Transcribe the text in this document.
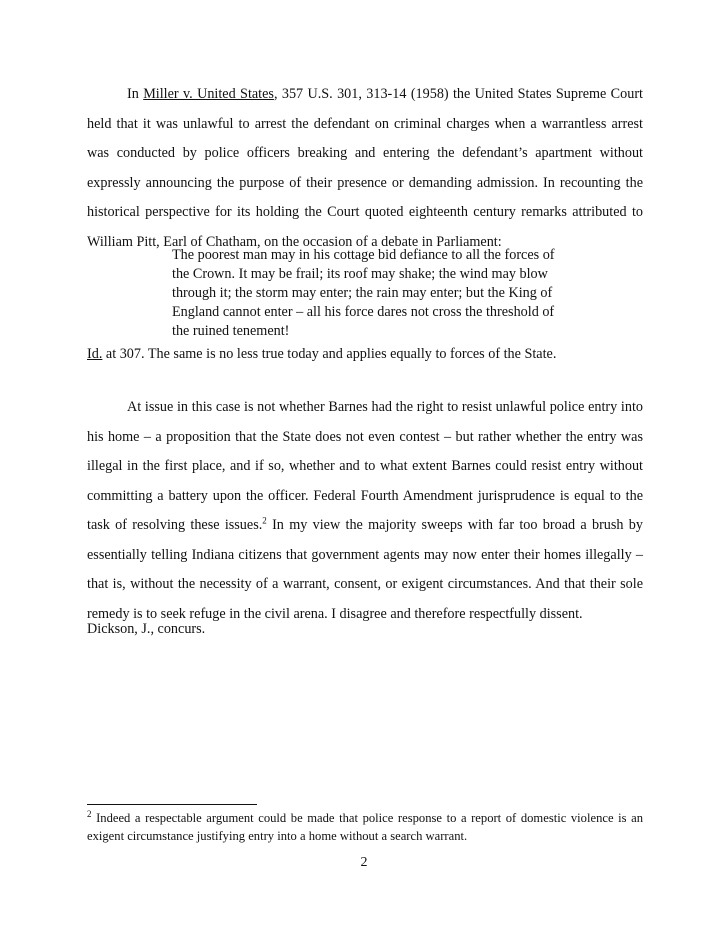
In Miller v. United States, 357 U.S. 301, 313-14 (1958) the United States Supreme Court held that it was unlawful to arrest the defendant on criminal charges when a warrantless arrest was conducted by police officers breaking and entering the defendant’s apartment without expressly announcing the purpose of their presence or demanding admission. In recounting the historical perspective for its holding the Court quoted eighteenth century remarks attributed to William Pitt, Earl of Chatham, on the occasion of a debate in Parliament:

The poorest man may in his cottage bid defiance to all the forces of the Crown. It may be frail; its roof may shake; the wind may blow through it; the storm may enter; the rain may enter; but the King of England cannot enter – all his force dares not cross the threshold of the ruined tenement!

Id. at 307. The same is no less true today and applies equally to forces of the State.

At issue in this case is not whether Barnes had the right to resist unlawful police entry into his home – a proposition that the State does not even contest – but rather whether the entry was illegal in the first place, and if so, whether and to what extent Barnes could resist entry without committing a battery upon the officer. Federal Fourth Amendment jurisprudence is equal to the task of resolving these issues.$^2$ In my view the majority sweeps with far too broad a brush by essentially telling Indiana citizens that government agents may now enter their homes illegally – that is, without the necessity of a warrant, consent, or exigent circumstances. And that their sole remedy is to seek refuge in the civil arena. I disagree and therefore respectfully dissent.

Dickson, J., concurs.

$^2$ Indeed a respectable argument could be made that police response to a report of domestic violence is an exigent circumstance justifying entry into a home without a search warrant.

2
